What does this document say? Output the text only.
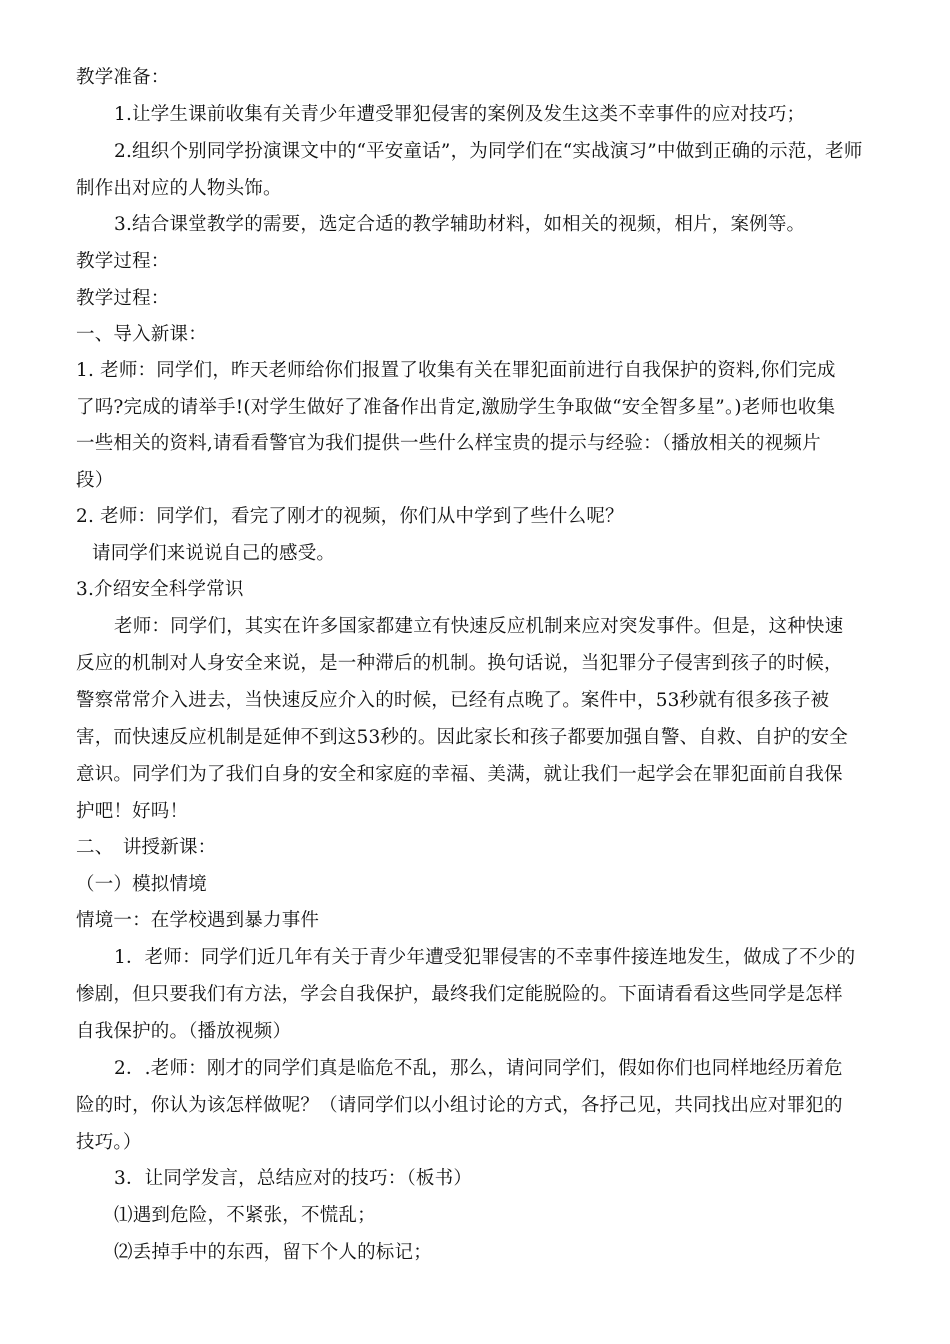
教学准备：
1.让学生课前收集有关青少年遭受罪犯侵害的案例及发生这类不幸事件的应对技巧；
2.组织个别同学扮演课文中的“平安童话”，为同学们在“实战演习”中做到正确的示范，老师
制作出对应的人物头饰。
3.结合课堂教学的需要，选定合适的教学辅助材料，如相关的视频，相片，案例等。
教学过程：
教学过程：
一、导入新课：
1. 老师：同学们，昨天老师给你们报置了收集有关在罪犯面前进行自我保护的资料,你们完成
了吗?完成的请举手!(对学生做好了准备作出肯定,激励学生争取做“安全智多星”。)老师也收集
一些相关的资料,请看看警官为我们提供一些什么样宝贵的提示与经验：（播放相关的视频片
段）
2. 老师：同学们，看完了刚才的视频，你们从中学到了些什么呢？
请同学们来说说自己的感受。
3.介绍安全科学常识
老师：同学们，其实在许多国家都建立有快速反应机制来应对突发事件。但是，这种快速
反应的机制对人身安全来说，是一种滞后的机制。换句话说，当犯罪分子侵害到孩子的时候，
警察常常介入进去，当快速反应介入的时候，已经有点晚了。案件中，53秒就有很多孩子被
害，而快速反应机制是延伸不到这53秒的。因此家长和孩子都要加强自警、自救、自护的安全
意识。同学们为了我们自身的安全和家庭的幸福、美满，就让我们一起学会在罪犯面前自我保
护吧！好吗！
二、　讲授新课：
（一）模拟情境
情境一：在学校遇到暴力事件
1．老师：同学们近几年有关于青少年遭受犯罪侵害的不幸事件接连地发生，做成了不少的
惨剧，但只要我们有方法，学会自我保护，最终我们定能脱险的。下面请看看这些同学是怎样
自我保护的。（播放视频）
2．.老师：刚才的同学们真是临危不乱，那么，请问同学们，假如你们也同样地经历着危
险的时，你认为该怎样做呢？（请同学们以小组讨论的方式，各抒己见，共同找出应对罪犯的
技巧。）
3．让同学发言，总结应对的技巧：（板书）
⑴遇到危险，不紧张，不慌乱；
⑵丢掉手中的东西，留下个人的标记；
